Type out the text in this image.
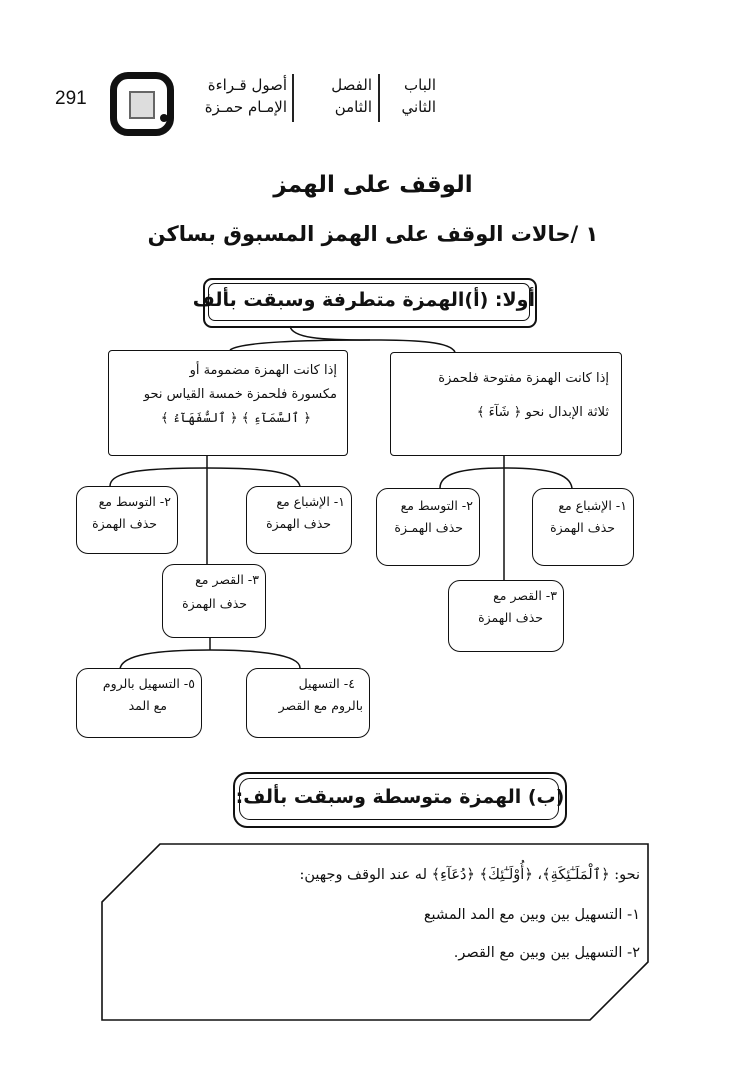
291
أصول قـراءة
الإمـام حمـزة
الفصل
الثامن
الباب
الثاني
الوقف على الهمز
١ /حالات الوقف على الهمز المسبوق بساكن
أولا: (أ)الهمزة متطرفة وسبقت بألف
إذا كانت الهمزة مفتوحة فلحمزة
ثلاثة الإبدال نحو ﴿ شَآءَ ﴾
٢- التوسط مع
حذف الهمـزة
١- الإشباع مع
حذف الهمزة
٣- القصر مع
حذف الهمزة
إذا كانت الهمزة مضمومة أو
مكسورة فلحمزة خمسة القياس نحو
﴿ ٱلسَّمَآءِ ﴾ ﴿ ٱلسُّفَهَآءُ ﴾
٢- التوسط مع
حذف الهمزة
١- الإشباع مع
حذف الهمزة
٣- القصر مع
حذف الهمزة
٥- التسهيل بالروم
مع المد
٤- التسهيل
بالروم مع القصر
(ب) الهمزة متوسطة وسبقت بألف:
نحو: ﴿ٱلْمَلَـٰٓئِكَةِ﴾، ﴿أُوْلَـٰٓئِكَ﴾ ﴿دُعَآءِ﴾ له عند الوقف وجهين:
١- التسهيل بين وبين مع المد المشبع
٢- التسهيل بين وبين مع القصر.
